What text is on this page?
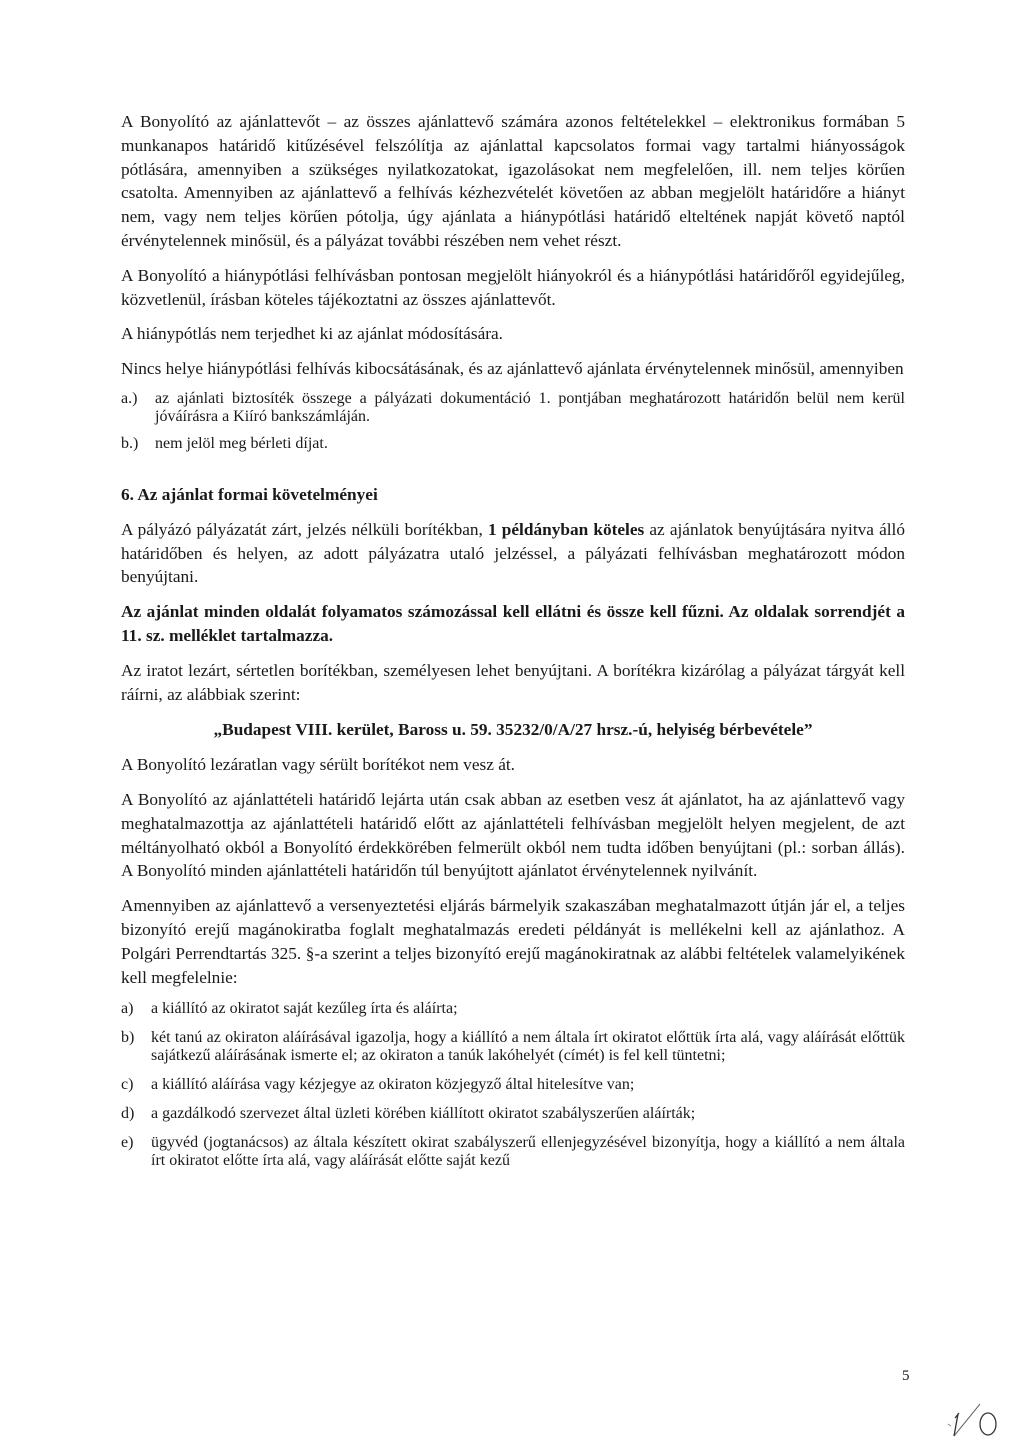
A Bonyolító az ajánlattevőt – az összes ajánlattevő számára azonos feltételekkel – elektronikus formában 5 munkanapos határidő kitűzésével felszólítja az ajánlattal kapcsolatos formai vagy tartalmi hiányosságok pótlására, amennyiben a szükséges nyilatkozatokat, igazolásokat nem megfelelően, ill. nem teljes körűen csatolta. Amennyiben az ajánlattevő a felhívás kézhezvételét követően az abban megjelölt határidőre a hiányt nem, vagy nem teljes körűen pótolja, úgy ajánlata a hiánypótlási határidő elteltének napját követő naptól érvénytelennek minősül, és a pályázat további részében nem vehet részt.

A Bonyolító a hiánypótlási felhívásban pontosan megjelölt hiányokról és a hiánypótlási határidőről egyidejűleg, közvetlenül, írásban köteles tájékoztatni az összes ajánlattevőt.

A hiánypótlás nem terjedhet ki az ajánlat módosítására.

Nincs helye hiánypótlási felhívás kibocsátásának, és az ajánlattevő ajánlata érvénytelennek minősül, amennyiben

a.)	az ajánlati biztosíték összege a pályázati dokumentáció 1. pontjában meghatározott határidőn belül nem kerül jóváírásra a Kiíró bankszámláján.
b.)	nem jelöl meg bérleti díjat.

6. Az ajánlat formai követelményei

A pályázó pályázatát zárt, jelzés nélküli borítékban, 1 példányban köteles az ajánlatok benyújtására nyitva álló határidőben és helyen, az adott pályázatra utaló jelzéssel, a pályázati felhívásban meghatározott módon benyújtani.

Az ajánlat minden oldalát folyamatos számozással kell ellátni és össze kell fűzni. Az oldalak sorrendjét a 11. sz. melléklet tartalmazza.

Az iratot lezárt, sértetlen borítékban, személyesen lehet benyújtani. A borítékra kizárólag a pályázat tárgyát kell ráírni, az alábbiak szerint:

„Budapest VIII. kerület, Baross u. 59. 35232/0/A/27 hrsz.-ú, helyiség bérbevétele”

A Bonyolító lezáratlan vagy sérült borítékot nem vesz át.

A Bonyolító az ajánlattételi határidő lejárta után csak abban az esetben vesz át ajánlatot, ha az ajánlattevő vagy meghatalmazottja az ajánlattételi határidő előtt az ajánlattételi felhívásban megjelölt helyen megjelent, de azt méltányolható okból a Bonyolító érdekkörében felmerült okból nem tudta időben benyújtani (pl.: sorban állás). A Bonyolító minden ajánlattételi határidőn túl benyújtott ajánlatot érvénytelennek nyilvánít.

Amennyiben az ajánlattevő a versenyeztetési eljárás bármelyik szakaszában meghatalmazott útján jár el, a teljes bizonyító erejű magánokiratba foglalt meghatalmazás eredeti példányát is mellékelni kell az ajánlathoz. A Polgári Perrendtartás 325. §-a szerint a teljes bizonyító erejű magánokiratnak az alábbi feltételek valamelyikének kell megfelelnie:

a)	a kiállító az okiratot saját kezűleg írta és aláírta;
b)	két tanú az okiraton aláírásával igazolja, hogy a kiállító a nem általa írt okiratot előttük írta alá, vagy aláírását előttük sajátkezű aláírásának ismerte el; az okiraton a tanúk lakóhelyét (címét) is fel kell tüntetni;
c)	a kiállító aláírása vagy kézjegye az okiraton közjegyző által hitelesítve van;
d)	a gazdálkodó szervezet által üzleti körében kiállított okiratot szabályszerűen aláírták;
e)	ügyvéd (jogtanácsos) az általa készített okirat szabályszerű ellenjegyzésével bizonyítja, hogy a kiállító a nem általa írt okiratot előtte írta alá, vagy aláírását előtte saját kezű
5
